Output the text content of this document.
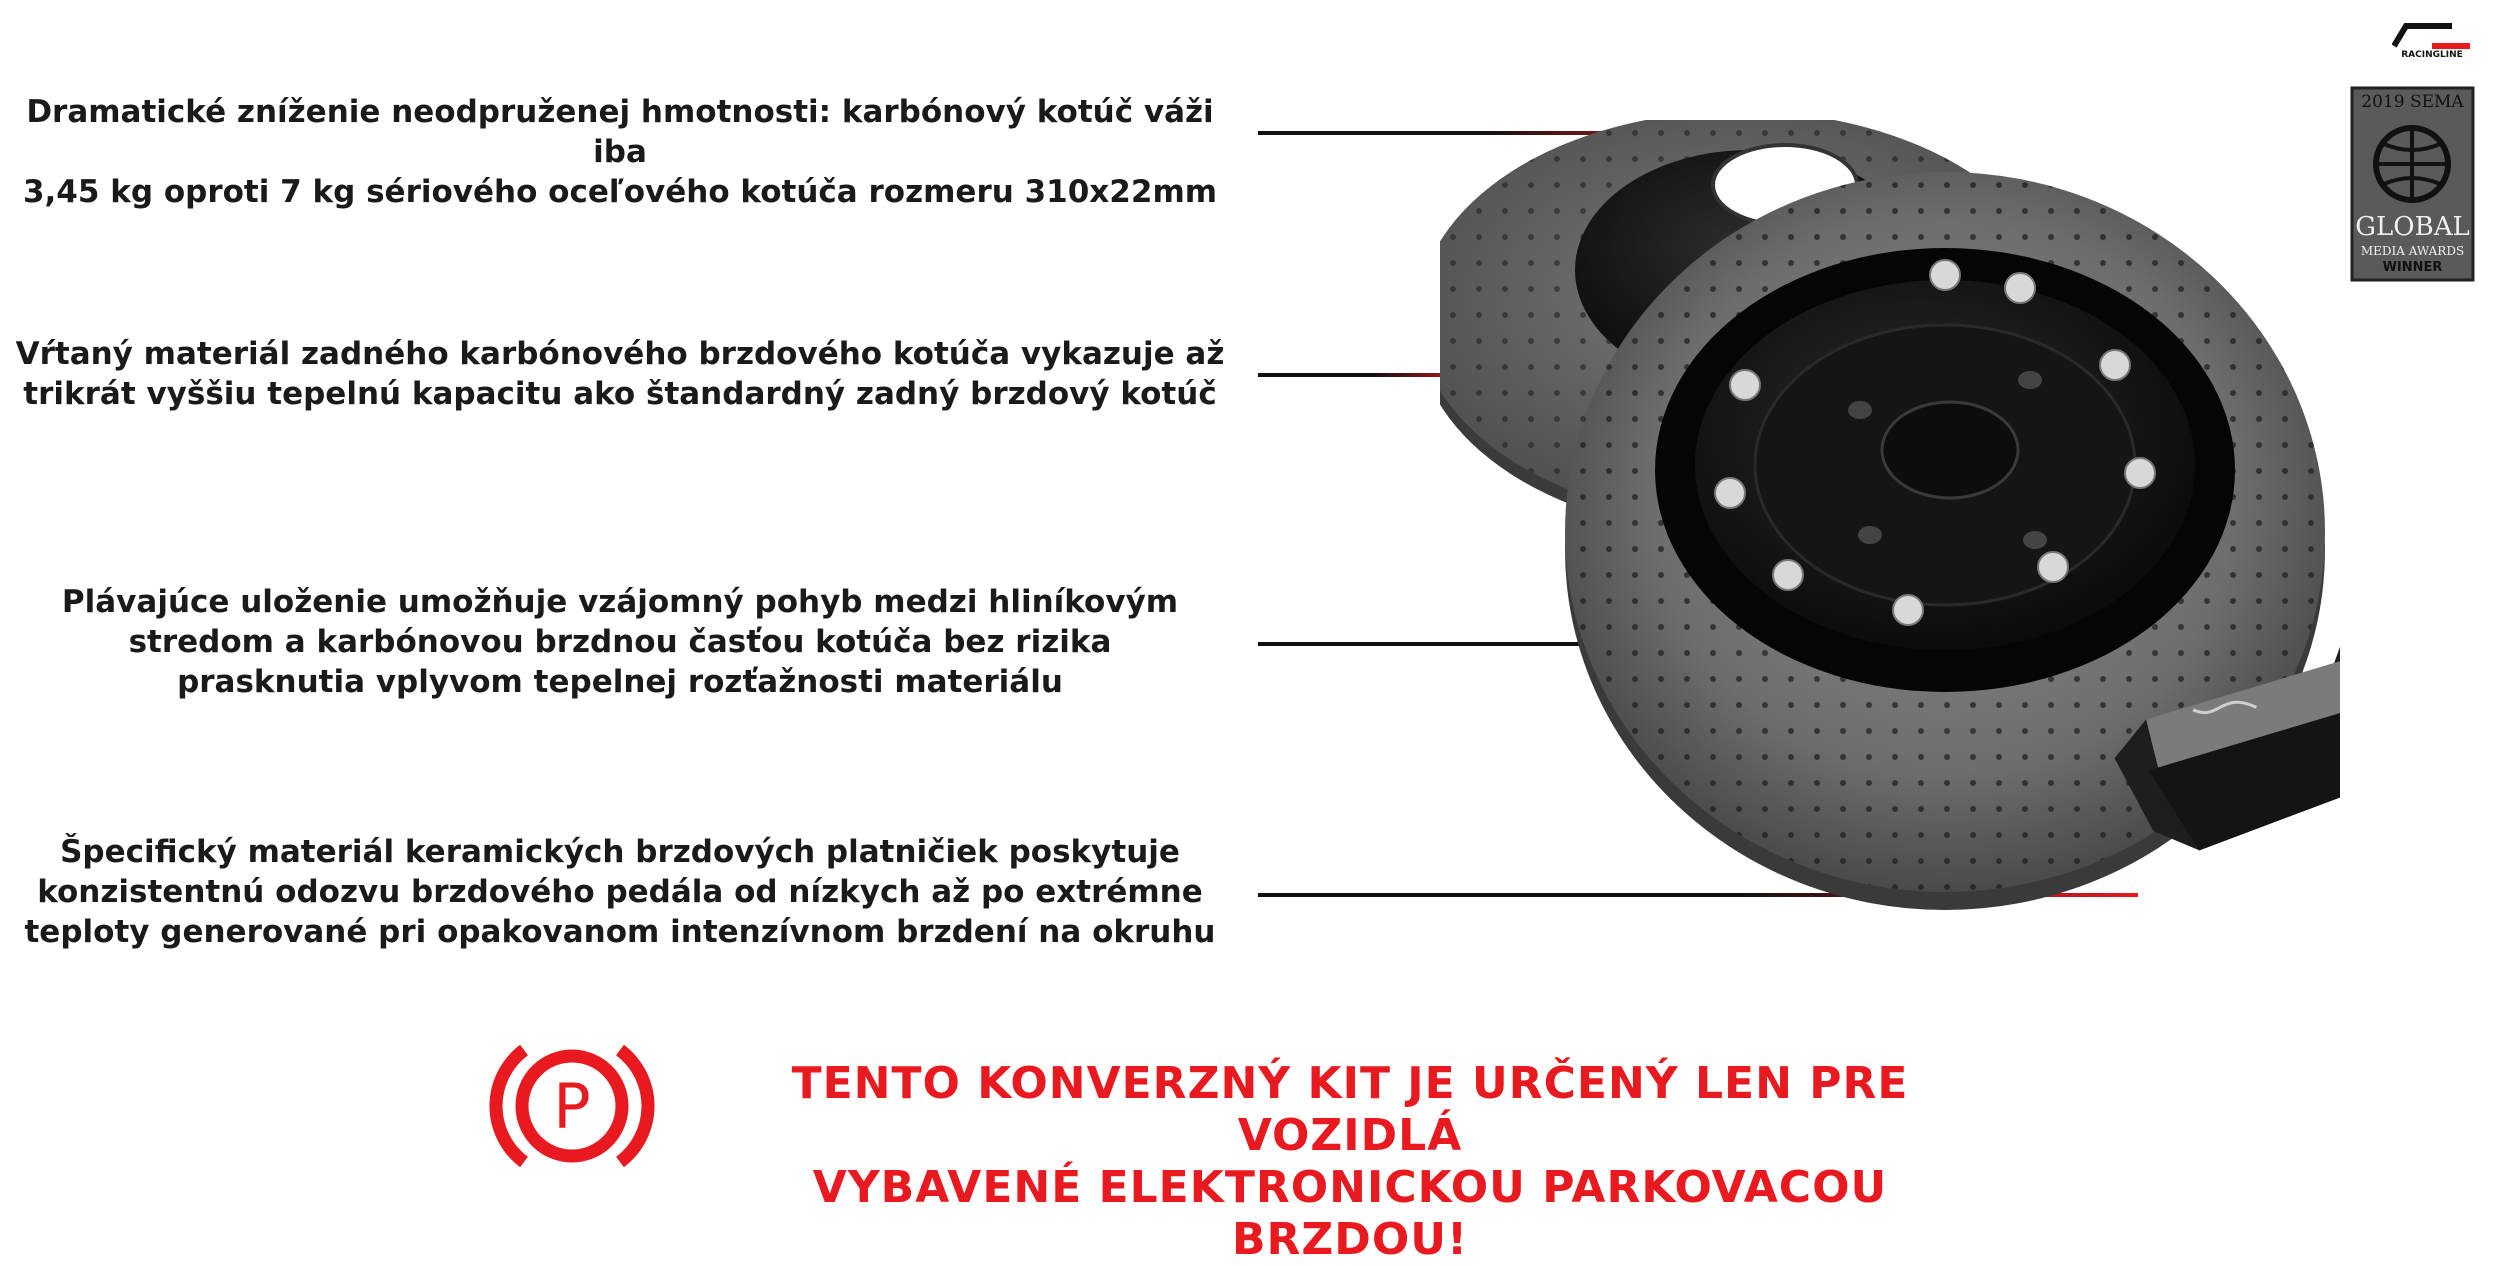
Dramatické zníženie neodpruženej hmotnosti: karbónový kotúč váži iba
3,45 kg oproti 7 kg sériového oceľového kotúča rozmeru 310x22mm
Vŕtaný materiál zadného karbónového brzdového kotúča vykazuje až
trikrát vyššiu tepelnú kapacitu ako štandardný zadný brzdový kotúč
Plávajúce uloženie umožňuje vzájomný pohyb medzi hliníkovým
stredom a karbónovou brzdnou časťou kotúča bez rizika
prasknutia vplyvom tepelnej rozťažnosti materiálu
Špecifický materiál keramických brzdových platničiek poskytuje
konzistentnú odozvu brzdového pedála od nízkych až po extrémne
teploty generované pri opakovanom intenzívnom brzdení na okruhu
2019 SEMA
GLOBAL
MEDIA AWARDS
WINNER
RACINGLINE
P	TENTO KONVERZNÝ KIT JE URČENÝ LEN PRE VOZIDLÁ
VYBAVENÉ ELEKTRONICKOU PARKOVACOU BRZDOU!
